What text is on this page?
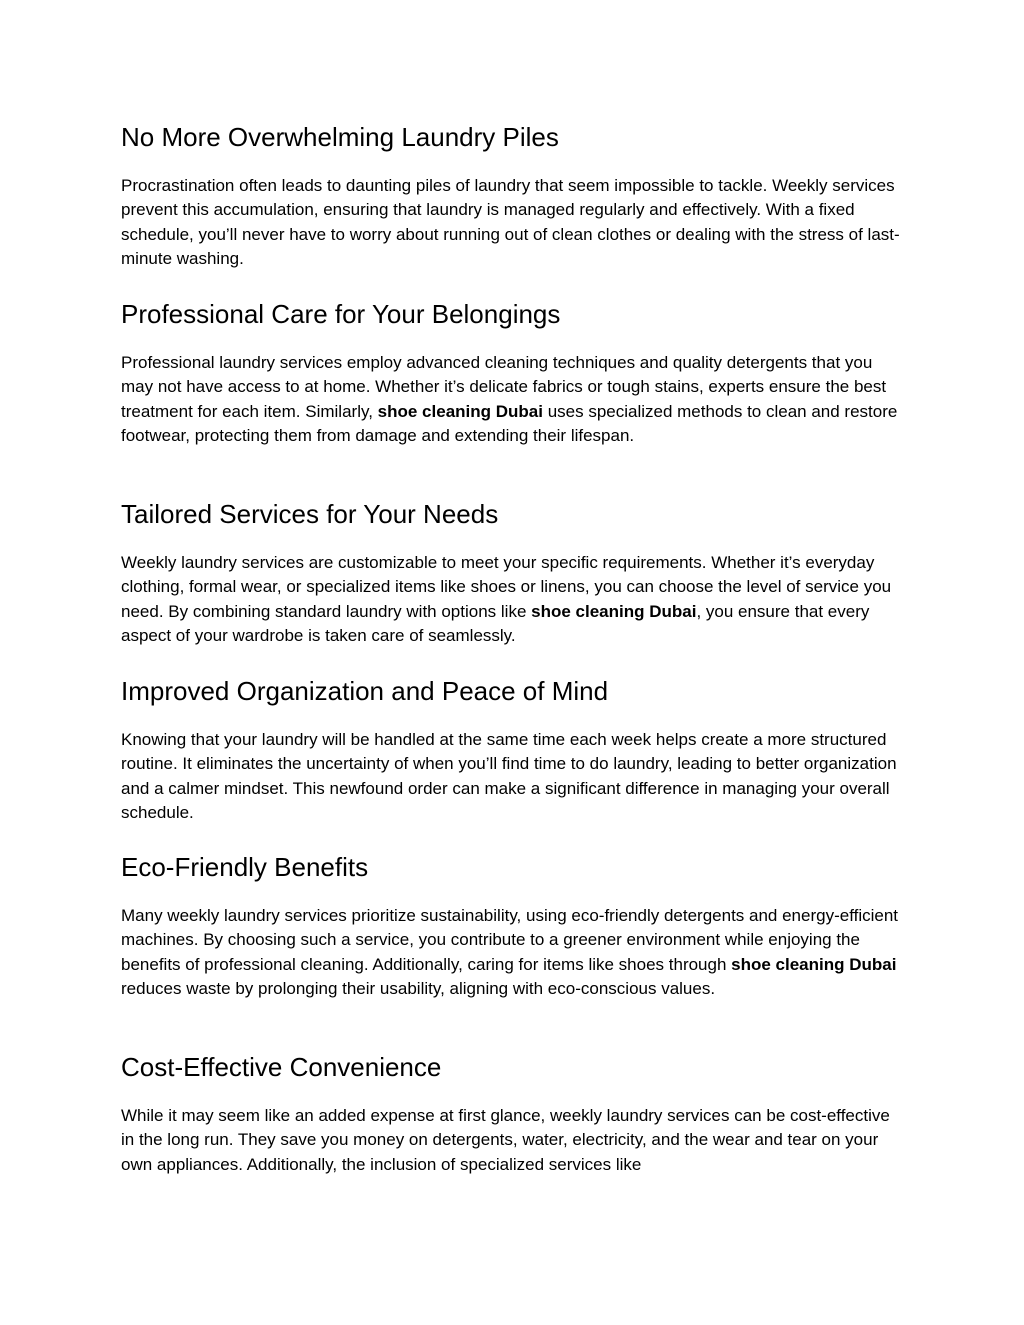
No More Overwhelming Laundry Piles

Procrastination often leads to daunting piles of laundry that seem impossible to tackle. Weekly services prevent this accumulation, ensuring that laundry is managed regularly and effectively. With a fixed schedule, you’ll never have to worry about running out of clean clothes or dealing with the stress of last-minute washing.

Professional Care for Your Belongings

Professional laundry services employ advanced cleaning techniques and quality detergents that you may not have access to at home. Whether it’s delicate fabrics or tough stains, experts ensure the best treatment for each item. Similarly, shoe cleaning Dubai uses specialized methods to clean and restore footwear, protecting them from damage and extending their lifespan.

Tailored Services for Your Needs

Weekly laundry services are customizable to meet your specific requirements. Whether it’s everyday clothing, formal wear, or specialized items like shoes or linens, you can choose the level of service you need. By combining standard laundry with options like shoe cleaning Dubai, you ensure that every aspect of your wardrobe is taken care of seamlessly.

Improved Organization and Peace of Mind

Knowing that your laundry will be handled at the same time each week helps create a more structured routine. It eliminates the uncertainty of when you’ll find time to do laundry, leading to better organization and a calmer mindset. This newfound order can make a significant difference in managing your overall schedule.

Eco-Friendly Benefits

Many weekly laundry services prioritize sustainability, using eco-friendly detergents and energy-efficient machines. By choosing such a service, you contribute to a greener environment while enjoying the benefits of professional cleaning. Additionally, caring for items like shoes through shoe cleaning Dubai reduces waste by prolonging their usability, aligning with eco-conscious values.

Cost-Effective Convenience

While it may seem like an added expense at first glance, weekly laundry services can be cost-effective in the long run. They save you money on detergents, water, electricity, and the wear and tear on your own appliances. Additionally, the inclusion of specialized services like
